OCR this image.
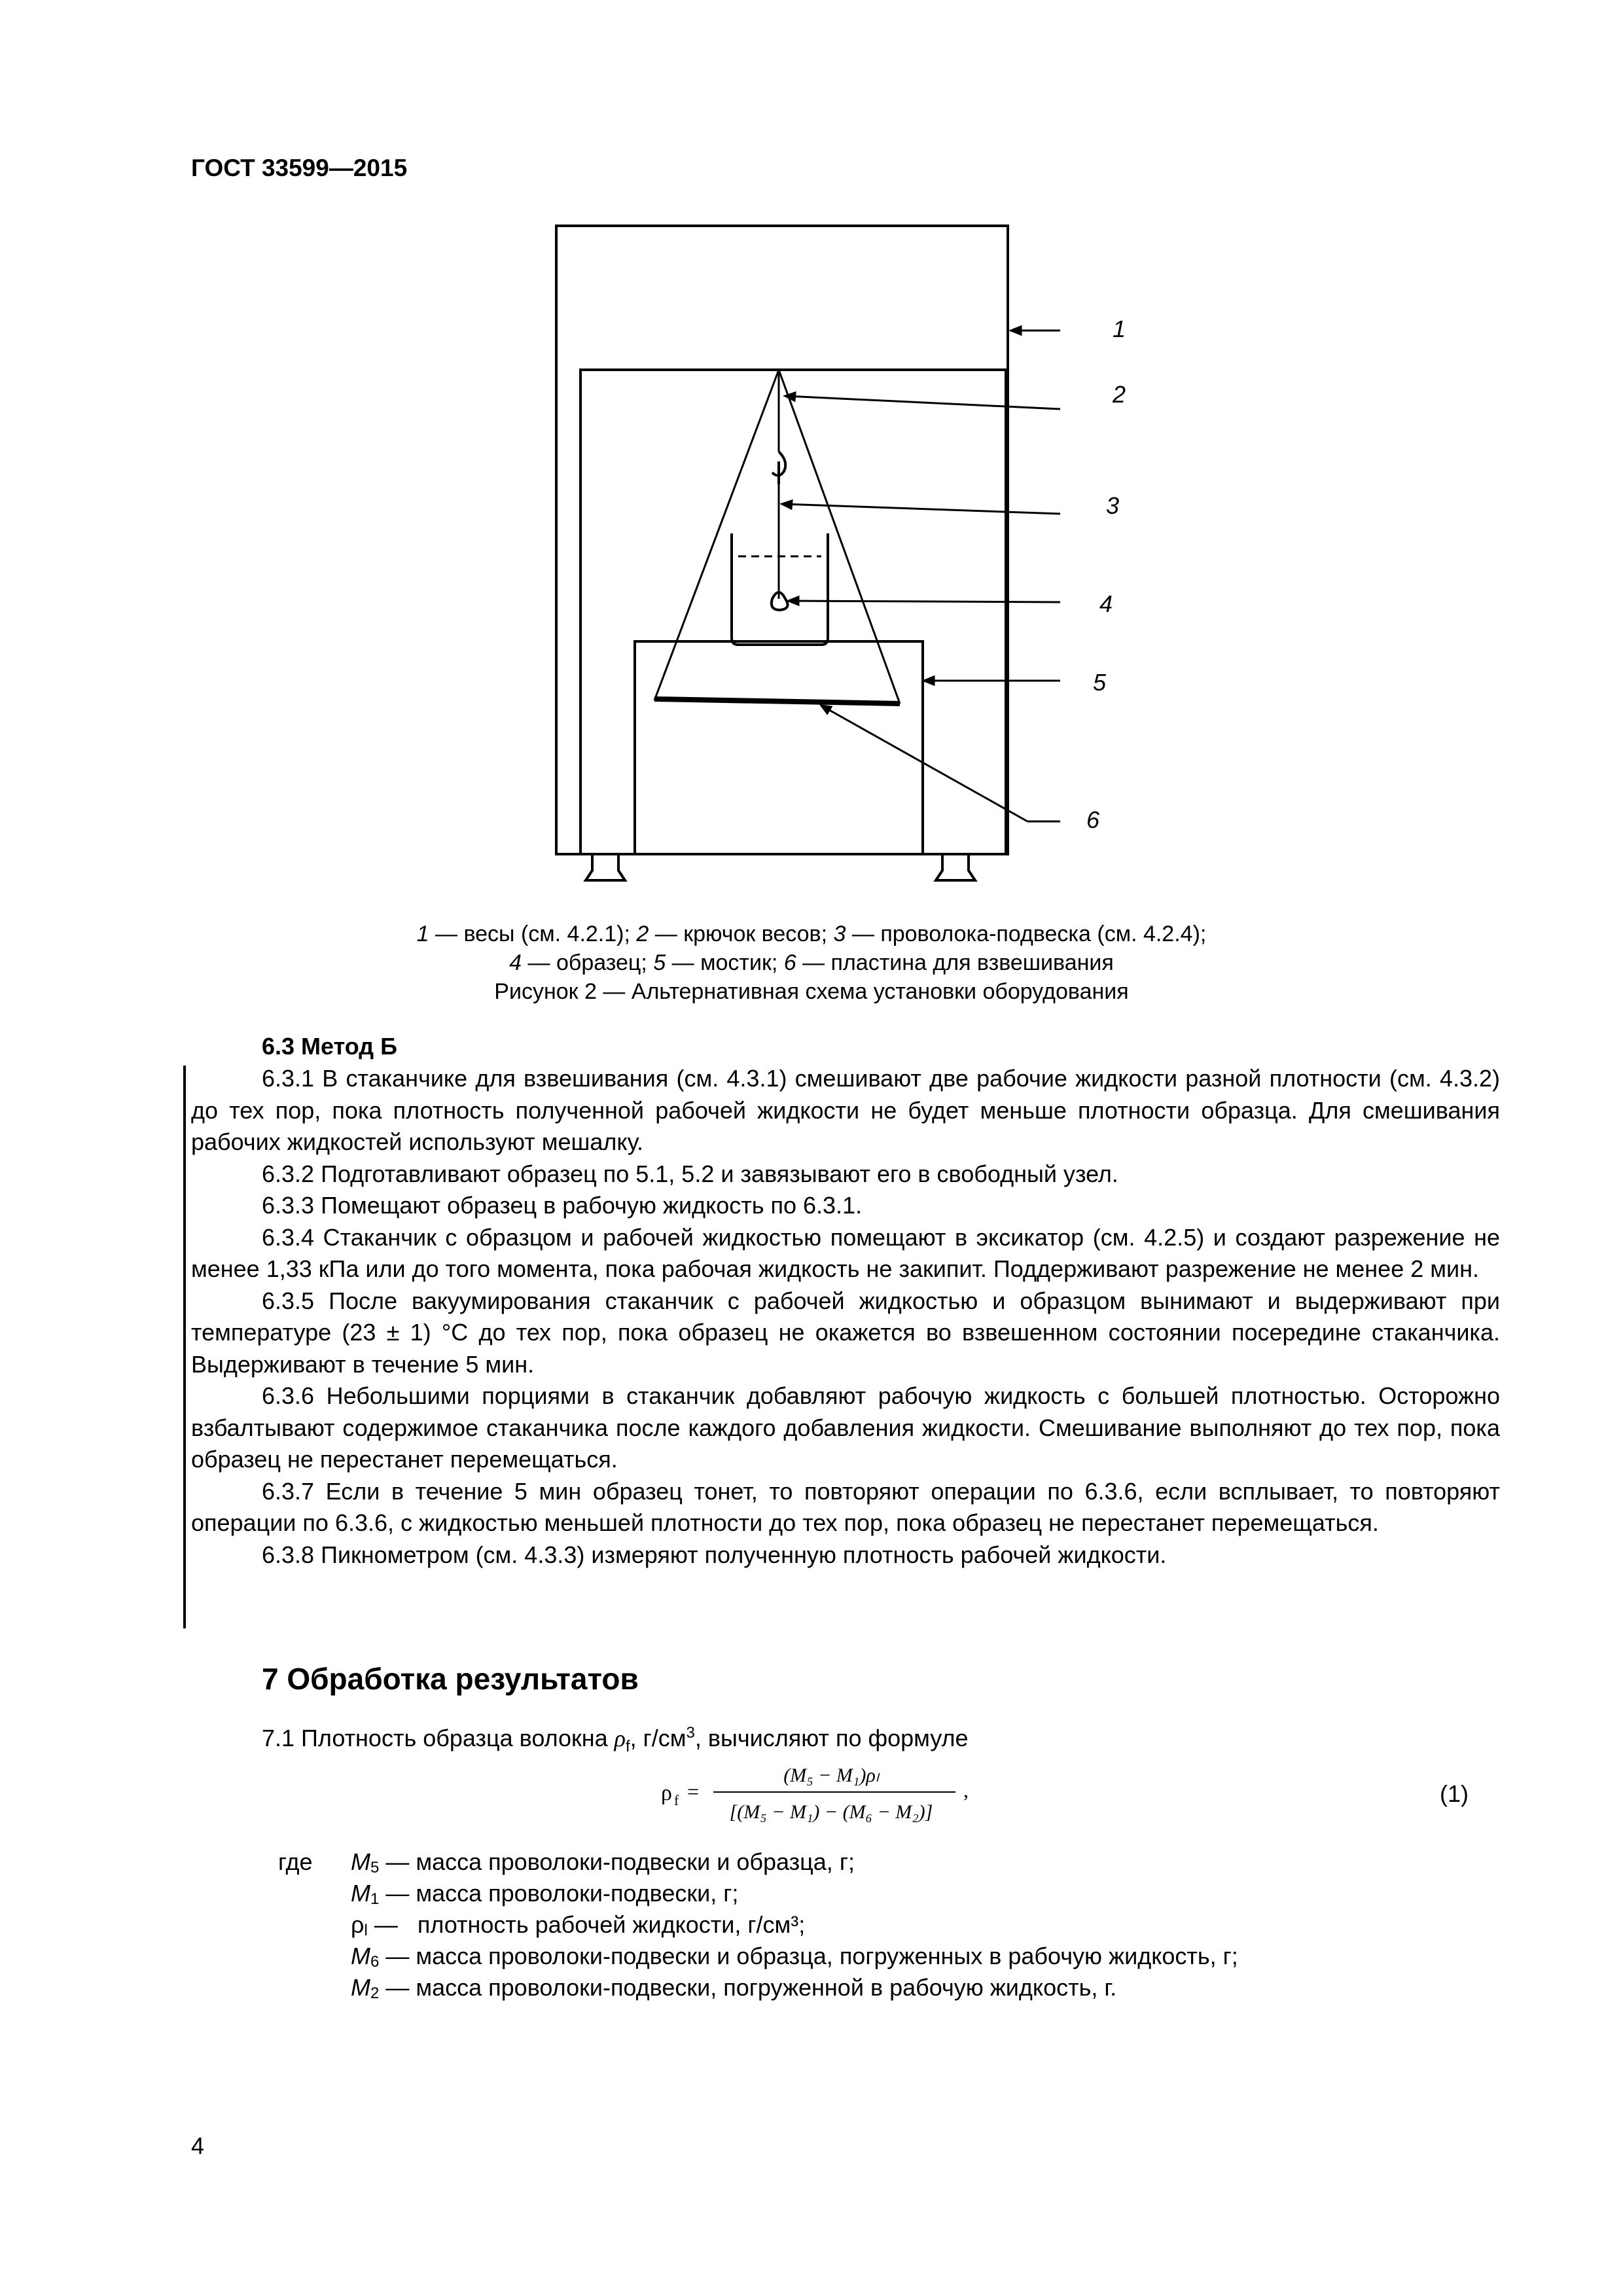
ГОСТ 33599—2015
1
2
3
4
5
6
1 — весы (см. 4.2.1); 2 — крючок весов; 3 — проволока-подвеска (см. 4.2.4);
4 — образец; 5 — мостик; 6 — пластина для взвешивания
Рисунок 2 — Альтернативная схема установки оборудования
6.3 Метод Б

6.3.1 В стаканчике для взвешивания (см. 4.3.1) смешивают две рабочие жидкости разной плотности (см. 4.3.2) до тех пор, пока плотность полученной рабочей жидкости не будет меньше плотности образца. Для смешивания рабочих жидкостей используют мешалку.

6.3.2 Подготавливают образец по 5.1, 5.2 и завязывают его в свободный узел.

6.3.3 Помещают образец в рабочую жидкость по 6.3.1.

6.3.4 Стаканчик с образцом и рабочей жидкостью помещают в эксикатор (см. 4.2.5) и создают разрежение не менее 1,33 кПа или до того момента, пока рабочая жидкость не закипит. Поддерживают разрежение не менее 2 мин.

6.3.5 После вакуумирования стаканчик с рабочей жидкостью и образцом вынимают и выдерживают при температуре (23 ± 1) °С до тех пор, пока образец не окажется во взвешенном состоянии посередине стаканчика. Выдерживают в течение 5 мин.

6.3.6 Небольшими порциями в стаканчик добавляют рабочую жидкость с большей плотностью. Осторожно взбалтывают содержимое стаканчика после каждого добавления жидкости. Смешивание выполняют до тех пор, пока образец не перестанет перемещаться.

6.3.7 Если в течение 5 мин образец тонет, то повторяют операции по 6.3.6, если всплывает, то повторяют операции по 6.3.6, с жидкостью меньшей плотности до тех пор, пока образец не перестанет перемещаться.

6.3.8 Пикнометром (см. 4.3.3) измеряют полученную плотность рабочей жидкости.

7 Обработка результатов
7.1 Плотность образца волокна $\rho_f$, $г/см^3$, вычисляют по формуле
ρ f =
(M₅ − M₁)ρₗ
[(M₅ − M₁) − (M₆ − M₂)]
,	(1)
где $M_5$ — масса проволоки-подвески и образца, г;
$M_1$ — масса проволоки-подвески, г;
$\rho_l$ —   плотность рабочей жидкости, г/см³;
$M_6$ — масса проволоки-подвески и образца, погруженных в рабочую жидкость, г;
$M_2$ — масса проволоки-подвески, погруженной в рабочую жидкость, г.
4
